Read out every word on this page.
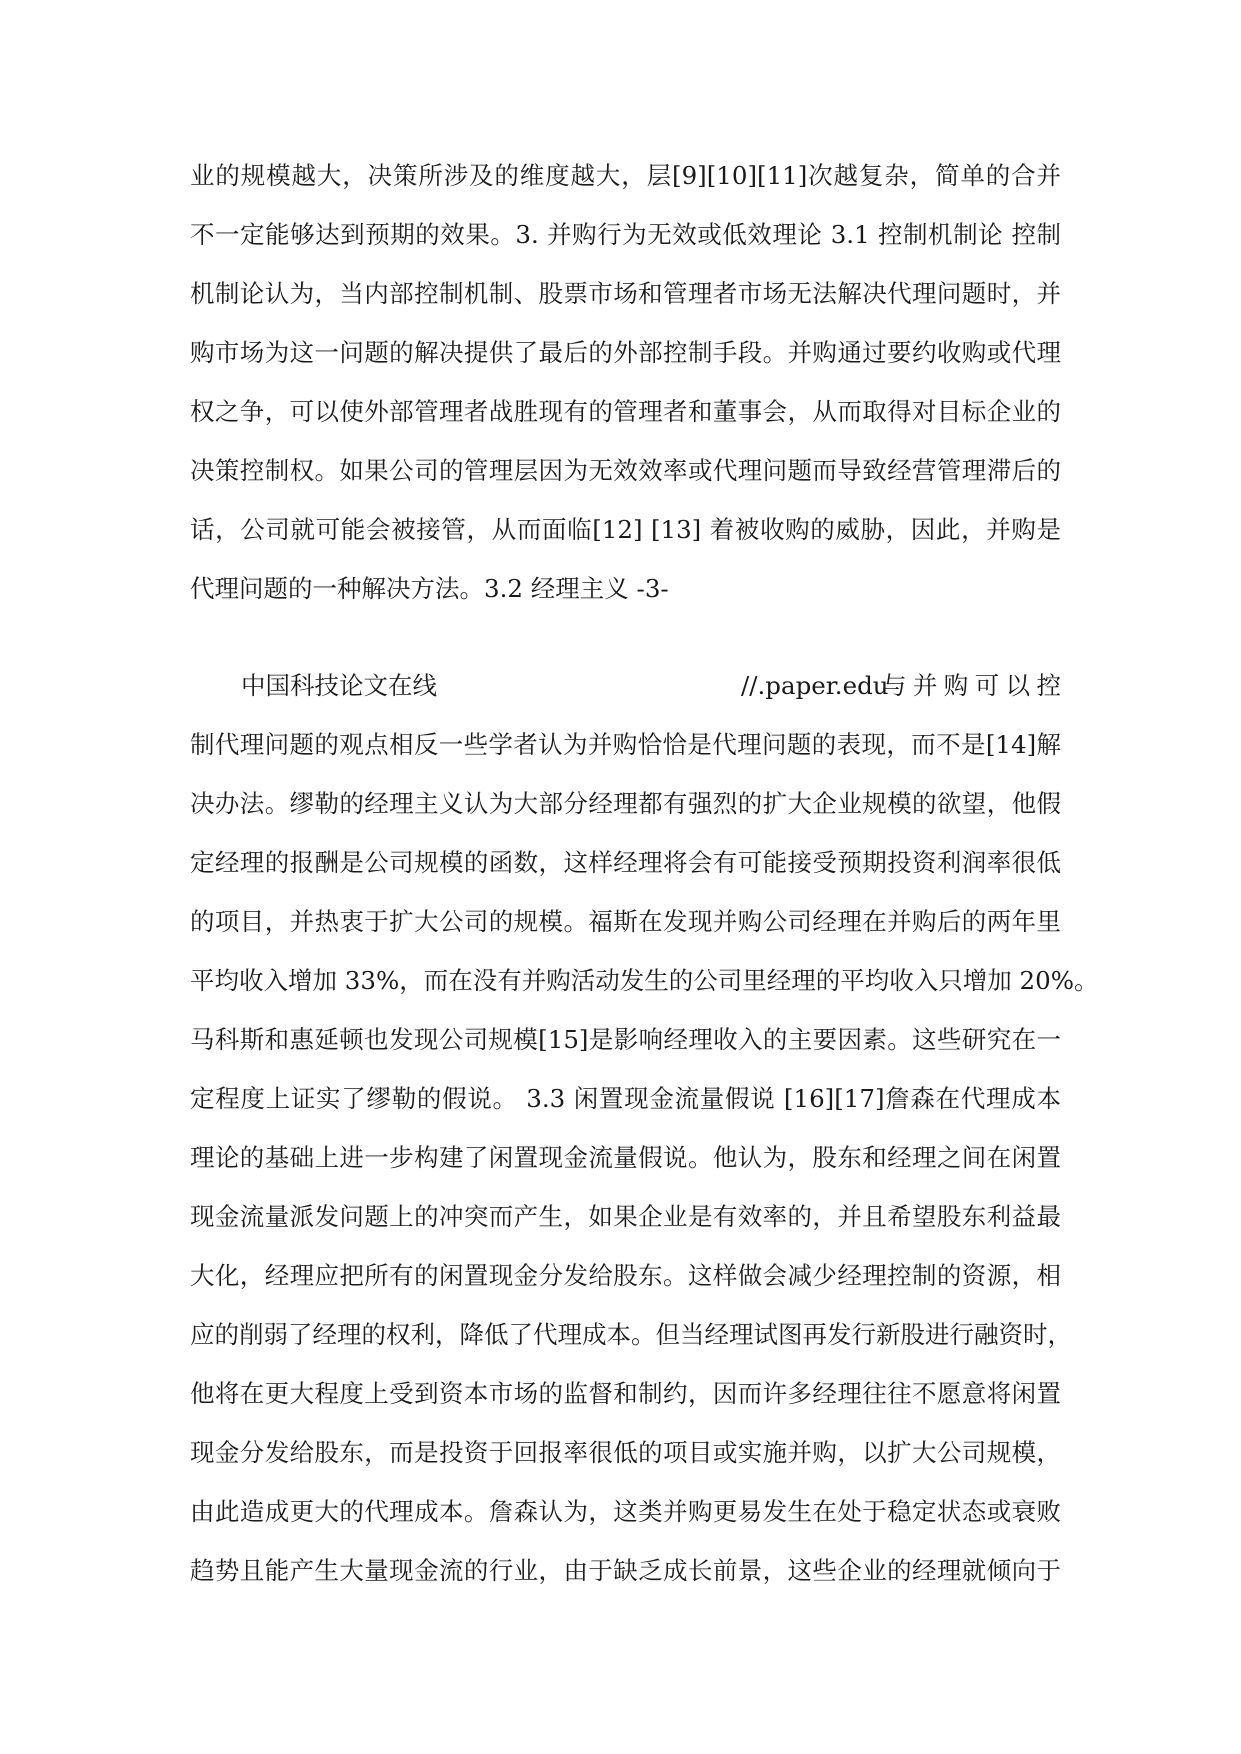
业的规模越大，决策所涉及的维度越大，层[9][10][11]次越复杂，简单的合并
不一定能够达到预期的效果。3. 并购行为无效或低效理论 3.1 控制机制论 控制
机制论认为，当内部控制机制、股票市场和管理者市场无法解决代理问题时，并
购市场为这一问题的解决提供了最后的外部控制手段。并购通过要约收购或代理
权之争，可以使外部管理者战胜现有的管理者和董事会，从而取得对目标企业的
决策控制权。如果公司的管理层因为无效效率或代理问题而导致经营管理滞后的
话，公司就可能会被接管，从而面临[12] [13] 着被收购的威胁，因此，并购是
代理问题的一种解决方法。3.2 经理主义 -3-
中国科技论文在线	//.paper.edu
与并购可以控
制代理问题的观点相反一些学者认为并购恰恰是代理问题的表现，而不是[14]解
决办法。缪勒的经理主义认为大部分经理都有强烈的扩大企业规模的欲望，他假
定经理的报酬是公司规模的函数，这样经理将会有可能接受预期投资利润率很低
的项目，并热衷于扩大公司的规模。福斯在发现并购公司经理在并购后的两年里
平均收入增加 33%，而在没有并购活动发生的公司里经理的平均收入只增加 20%。
马科斯和惠延顿也发现公司规模[15]是影响经理收入的主要因素。这些研究在一
定程度上证实了缪勒的假说。 3.3 闲置现金流量假说 [16][17]詹森在代理成本
理论的基础上进一步构建了闲置现金流量假说。他认为，股东和经理之间在闲置
现金流量派发问题上的冲突而产生，如果企业是有效率的，并且希望股东利益最
大化，经理应把所有的闲置现金分发给股东。这样做会减少经理控制的资源，相
应的削弱了经理的权利，降低了代理成本。但当经理试图再发行新股进行融资时，
他将在更大程度上受到资本市场的监督和制约，因而许多经理往往不愿意将闲置
现金分发给股东，而是投资于回报率很低的项目或实施并购，以扩大公司规模，
由此造成更大的代理成本。詹森认为，这类并购更易发生在处于稳定状态或衰败
趋势且能产生大量现金流的行业，由于缺乏成长前景，这些企业的经理就倾向于
